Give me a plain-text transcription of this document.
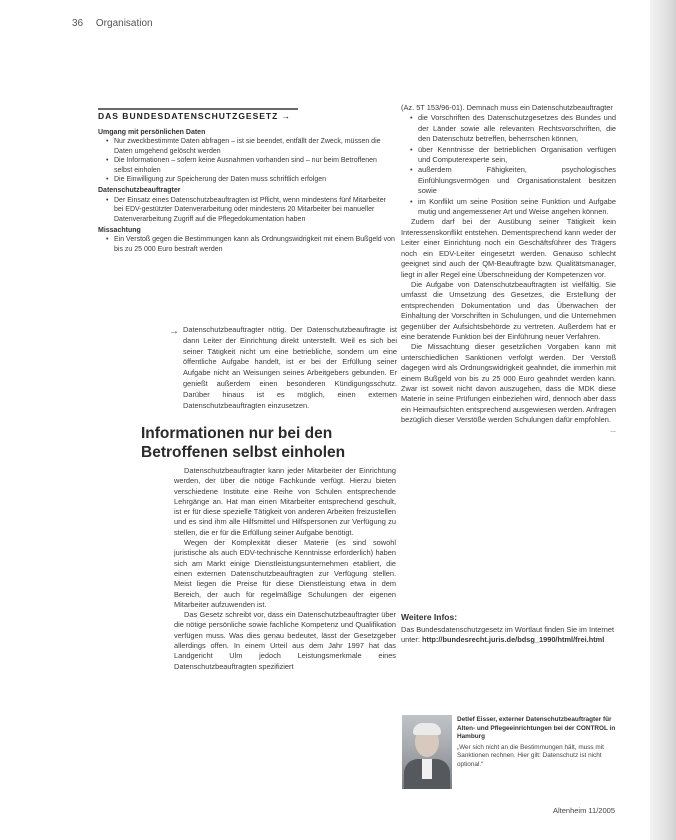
36 Organisation
DAS BUNDESDATENSCHUTZGESETZ →
Umgang mit persönlichen Daten
• Nur zweckbestimmte Daten abfragen – ist sie beendet, entfällt der Zweck, müssen die Daten umgehend gelöscht werden
• Die Informationen – sofern keine Ausnahmen vorhanden sind – nur beim Betroffenen selbst einholen
• Die Einwilligung zur Speicherung der Daten muss schriftlich erfolgen
Datenschutzbeauftragter
• Der Einsatz eines Datenschutzbeauftragten ist Pflicht, wenn mindestens fünf Mitarbeiter bei EDV-gestützter Datenverarbeitung oder mindestens 20 Mitarbeiter bei manueller Datenverarbeitung Zugriff auf die Pflegedokumentation haben
Missachtung
• Ein Verstoß gegen die Bestimmungen kann als Ordnungswidrigkeit mit einem Bußgeld von bis zu 25 000 Euro bestraft werden
→ Datenschutzbeauftragter nötig. Der Datenschutzbeauftragte ist dann Leiter der Einrichtung direkt unterstellt. Weil es sich bei seiner Tätigkeit nicht um eine betriebliche, sondern um eine öffentliche Aufgabe handelt, ist er bei der Erfüllung seiner Aufgabe nicht an Weisungen seines Arbeitgebers gebunden. Er genießt außerdem einen besonderen Kündigungsschutz. Darüber hinaus ist es möglich, einen externen Datenschutzbeauftragten einzusetzen.
Informationen nur bei den Betroffenen selbst einholen

Datenschutzbeauftragter kann jeder Mitarbeiter der Einrichtung werden, der über die nötige Fachkunde verfügt. Hierzu bieten verschiedene Institute eine Reihe von Schulen entsprechende Lehrgänge an. Hat man einen Mitarbeiter entsprechend geschult, ist er für diese spezielle Tätigkeit von anderen Arbeiten freizustellen und es sind ihm alle Hilfsmittel und Hilfspersonen zur Verfügung zu stellen, die er für die Erfüllung seiner Aufgabe benötigt.

Wegen der Komplexität dieser Materie (es sind sowohl juristische als auch EDV-technische Kenntnisse erforderlich) haben sich am Markt einige Dienstleistungsunternehmen etabliert, die einen externen Datenschutzbeauftragten zur Verfügung stellen. Meist liegen die Preise für diese Dienstleistung etwa in dem Bereich, der auch für regelmäßige Schulungen der eigenen Mitarbeiter aufzuwenden ist.

Das Gesetz schreibt vor, dass ein Datenschutzbeauftragter über die nötige persönliche sowie fachliche Kompetenz und Qualifikation verfügen muss. Was dies genau bedeutet, lässt der Gesetzgeber allerdings offen. In einem Urteil aus dem Jahr 1997 hat das Landgericht Ulm jedoch Leistungsmerkmale eines Datenschutzbeauftragten spezifiziert

(Az. 5T 153/96-01). Demnach muss ein Datenschutzbeauftragter

• die Vorschriften des Datenschutzgesetzes des Bundes und der Länder sowie alle relevanten Rechtsvorschriften, die den Datenschutz betreffen, beherrschen können,
• über Kenntnisse der betrieblichen Organisation verfügen und Computerexperte sein,
• außerdem Fähigkeiten, psychologisches Einfühlungsvermögen und Organisationstalent besitzen sowie
• im Konflikt um seine Position seine Funktion und Aufgabe mutig und angemessener Art und Weise angehen können.

Zudem darf bei der Ausübung seiner Tätigkeit kein Interessenskonflikt entstehen. Dementsprechend kann weder der Leiter einer Einrichtung noch ein Geschäftsführer des Trägers noch ein EDV-Leiter eingesetzt werden. Genauso schlecht geeignet sind auch der QM-Beauftragte bzw. Qualitätsmanager, liegt in aller Regel eine Überschneidung der Kompetenzen vor.

Die Aufgabe von Datenschutzbeauftragten ist vielfältig. Sie umfasst die Umsetzung des Gesetzes, die Erstellung der entsprechenden Dokumentation und das Überwachen der Einhaltung der Vorschriften in Schulungen, und die Unternehmen gegenüber der Aufsichtsbehörde zu vertreten. Außerdem hat er eine beratende Funktion bei der Einführung neuer Verfahren.

Die Missachtung dieser gesetzlichen Vorgaben kann mit unterschiedlichen Sanktionen verfolgt werden. Der Verstoß dagegen wird als Ordnungswidrigkeit geahndet, die immerhin mit einem Bußgeld von bis zu 25 000 Euro geahndet werden kann. Zwar ist soweit nicht davon auszugehen, dass die MDK diese Materie in seine Prüfungen einbeziehen wird, dennoch aber dass ein Heimaufsichten entsprechend ausgewiesen werden. Anfragen bezüglich dieser Verstöße werden Schulungen dafür empfohlen.
...

Weitere Infos:
Das Bundesdatenschutzgesetz im Wortlaut finden Sie im Internet unter: http://bundesrecht.juris.de/bdsg_1990/html/frei.html
Detlef Eisser, externer Datenschutzbeauftragter für Alten- und Pflegeeinrichtungen bei der CONTROL in Hamburg
„Wer sich nicht an die Bestimmungen hält, muss mit Sanktionen rechnen. Hier gilt: Datenschutz ist nicht optional.“
Altenheim 11/2005
